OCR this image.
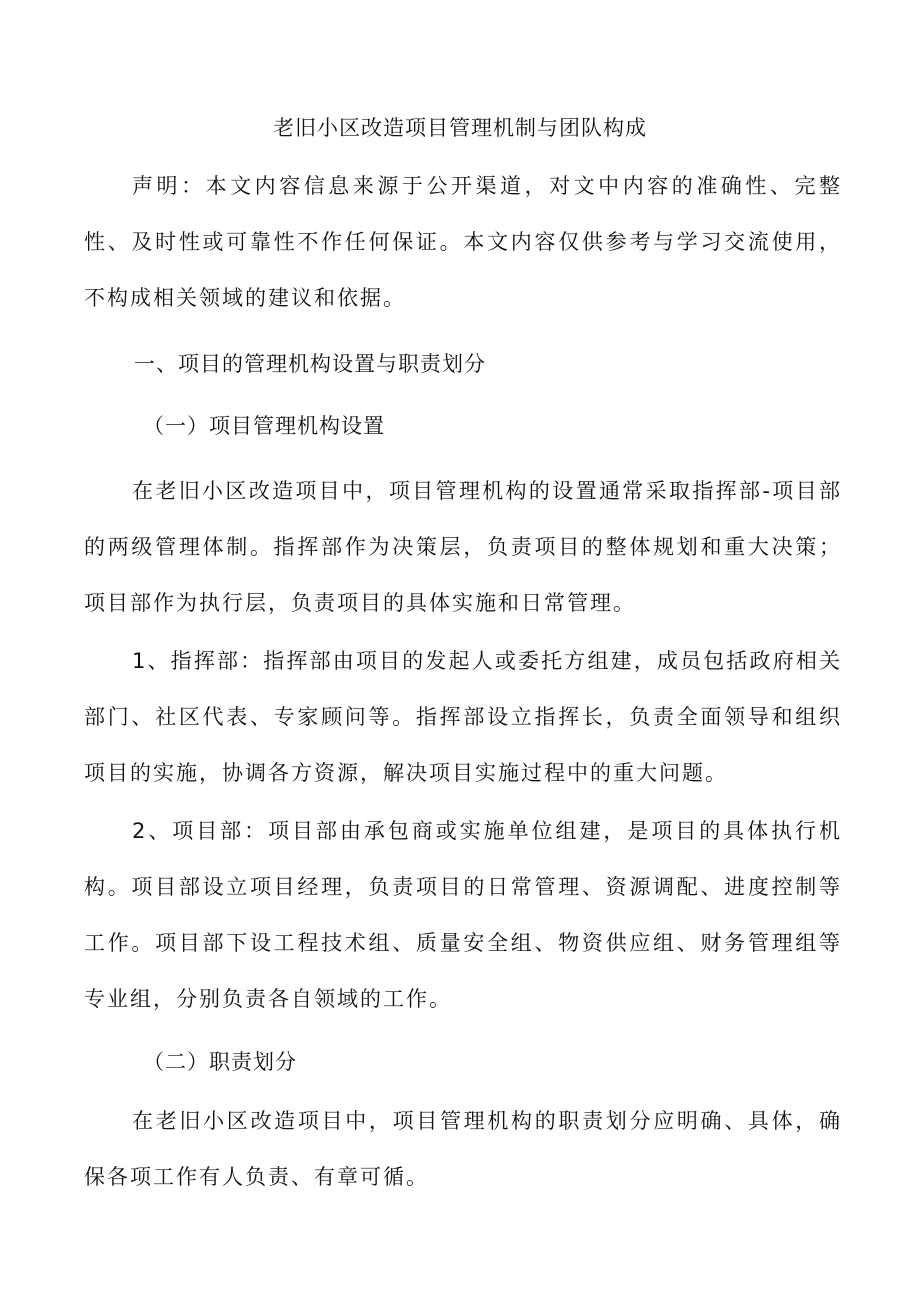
老旧小区改造项目管理机制与团队构成

声明：本文内容信息来源于公开渠道，对文中内容的准确性、完整性、及时性或可靠性不作任何保证。本文内容仅供参考与学习交流使用，不构成相关领域的建议和依据。

一、项目的管理机构设置与职责划分
（一）项目管理机构设置

在老旧小区改造项目中，项目管理机构的设置通常采取指挥部-项目部的两级管理体制。指挥部作为决策层，负责项目的整体规划和重大决策；项目部作为执行层，负责项目的具体实施和日常管理。

1、指挥部：指挥部由项目的发起人或委托方组建，成员包括政府相关部门、社区代表、专家顾问等。指挥部设立指挥长，负责全面领导和组织项目的实施，协调各方资源，解决项目实施过程中的重大问题。

2、项目部：项目部由承包商或实施单位组建，是项目的具体执行机构。项目部设立项目经理，负责项目的日常管理、资源调配、进度控制等工作。项目部下设工程技术组、质量安全组、物资供应组、财务管理组等专业组，分别负责各自领域的工作。

（二）职责划分

在老旧小区改造项目中，项目管理机构的职责划分应明确、具体，确保各项工作有人负责、有章可循。
